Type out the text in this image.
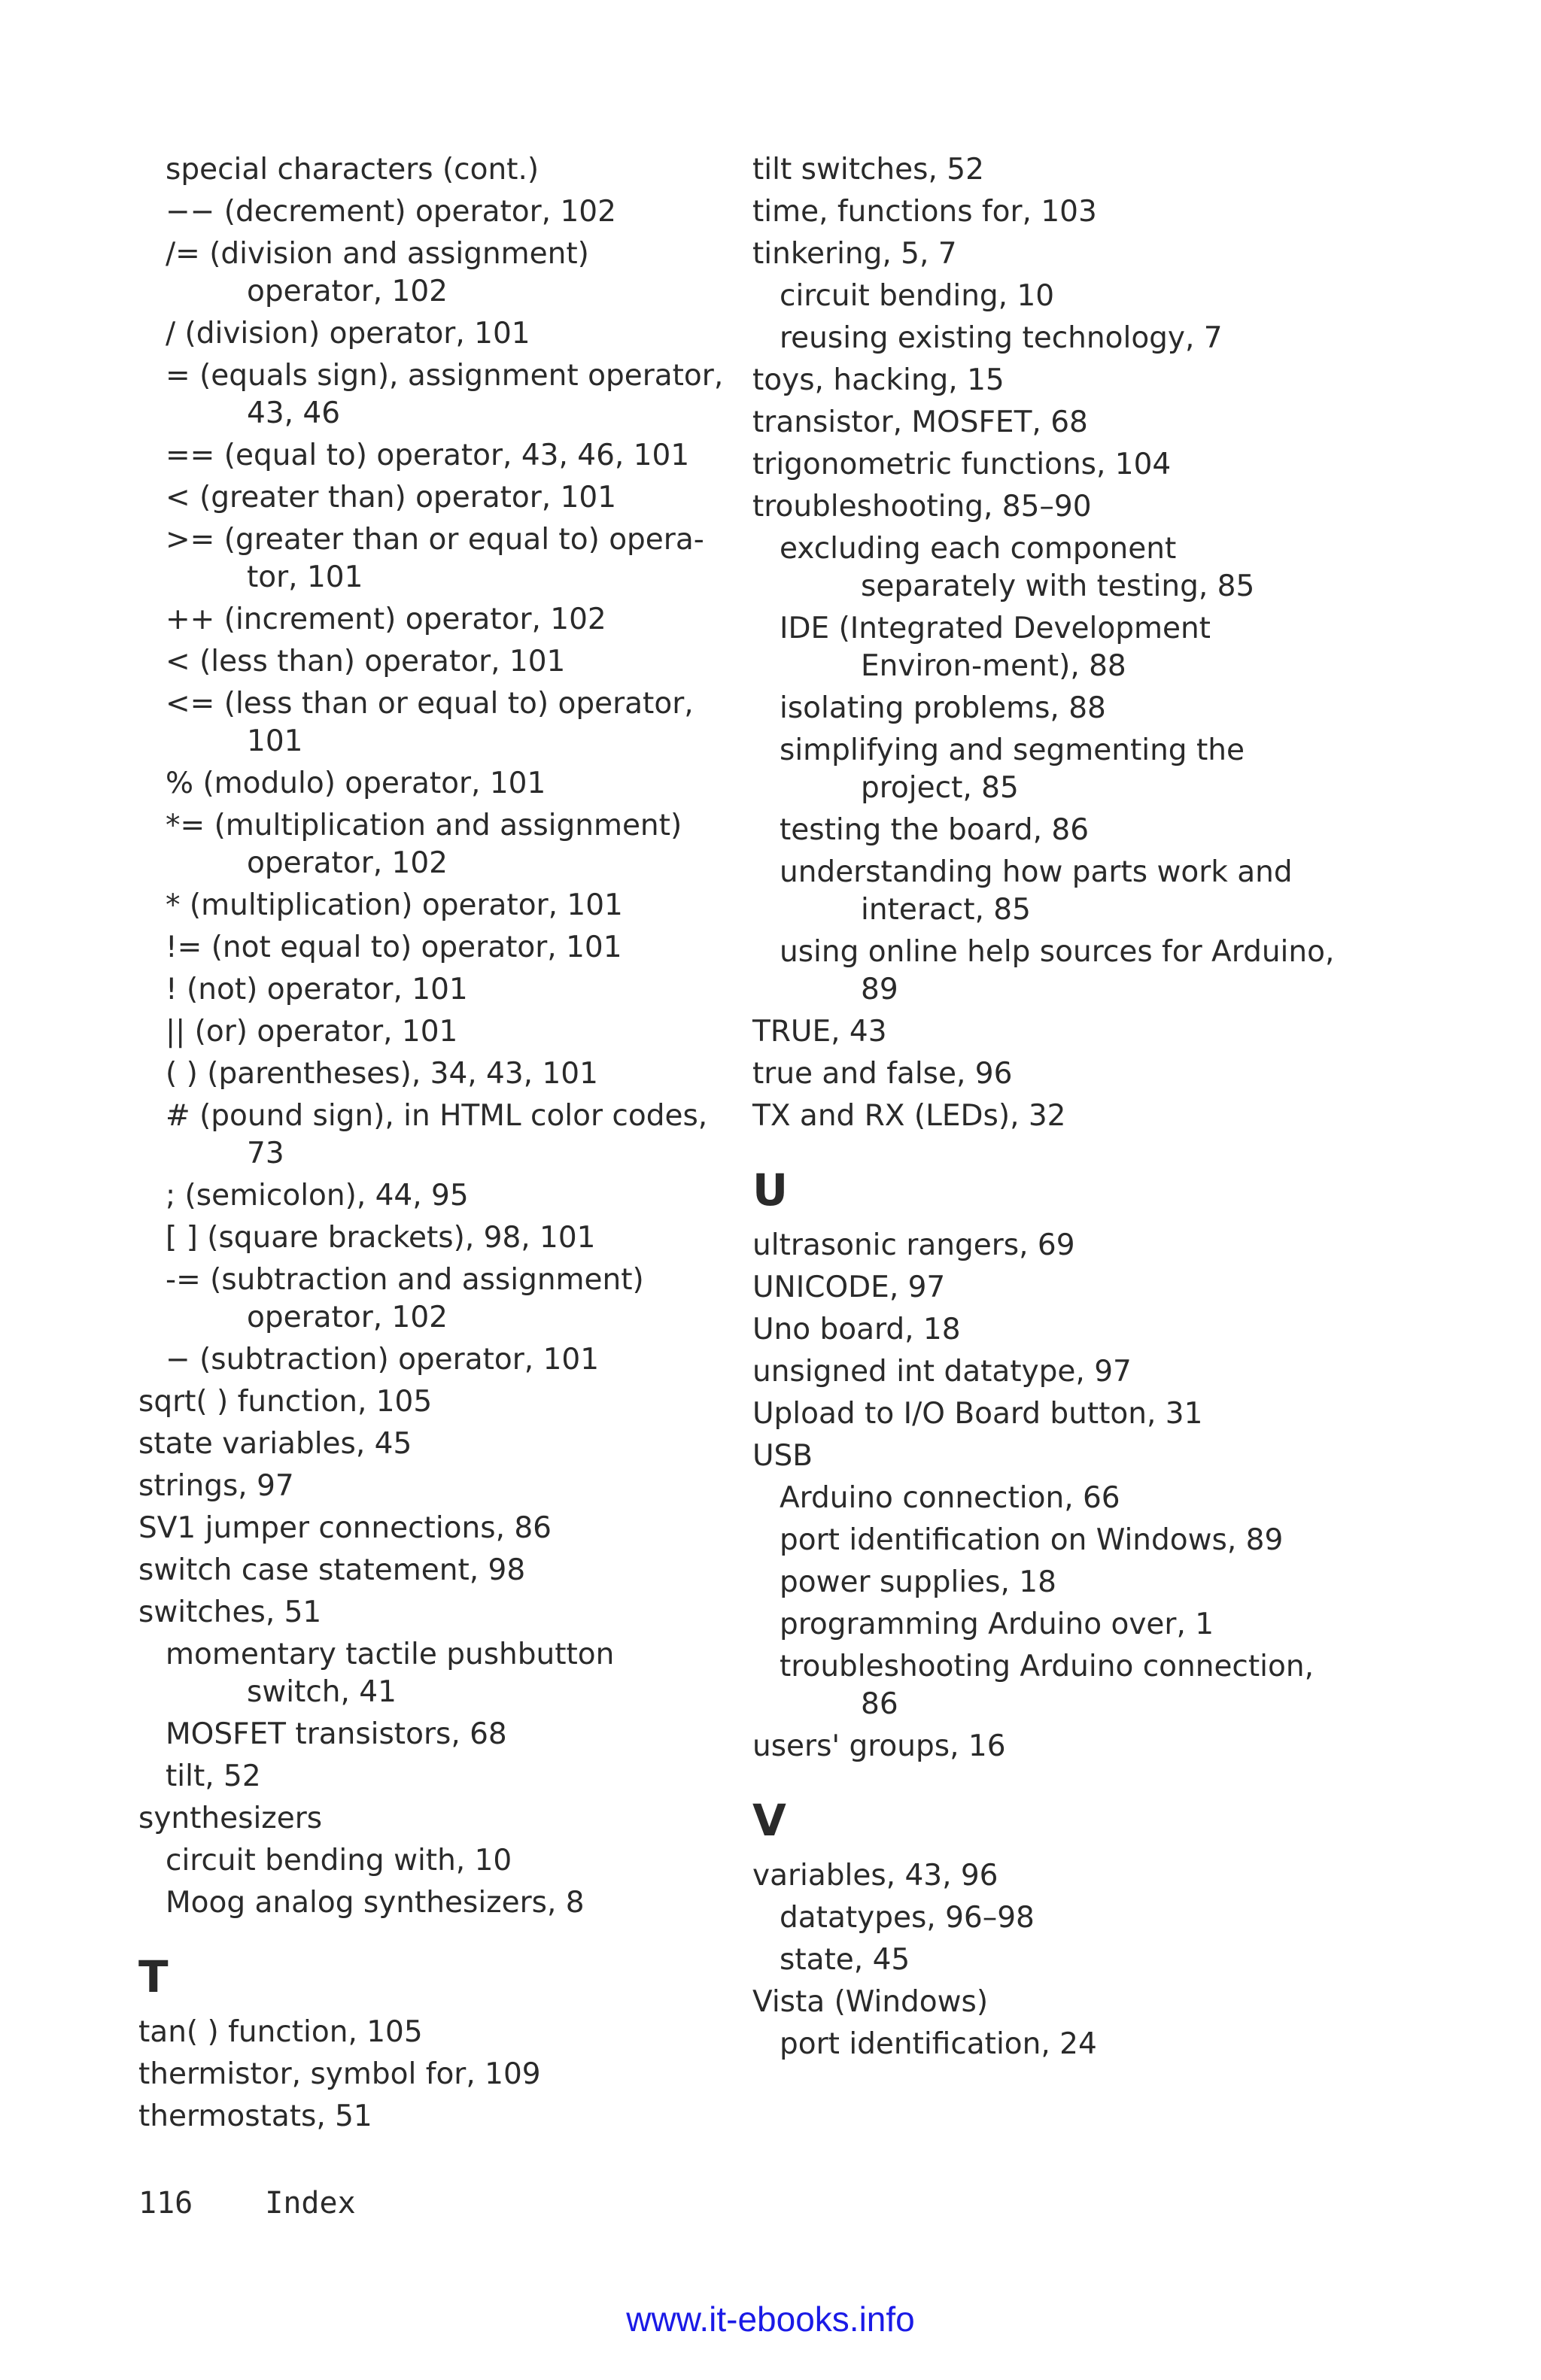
special characters (cont.)
−− (decrement) operator, 102
/= (division and assignment) operator, 102
/ (division) operator, 101
= (equals sign), assignment operator, 43, 46
== (equal to) operator, 43, 46, 101
< (greater than) operator, 101
>= (greater than or equal to) opera-tor, 101
++ (increment) operator, 102
< (less than) operator, 101
<= (less than or equal to) operator, 101
% (modulo) operator, 101
*= (multiplication and assignment) operator, 102
* (multiplication) operator, 101
!= (not equal to) operator, 101
! (not) operator, 101
|| (or) operator, 101
( ) (parentheses), 34, 43, 101
# (pound sign), in HTML color codes, 73
; (semicolon), 44, 95
[ ] (square brackets), 98, 101
-= (subtraction and assignment) operator, 102
− (subtraction) operator, 101
sqrt( ) function, 105
state variables, 45
strings, 97
SV1 jumper connections, 86
switch case statement, 98
switches, 51
momentary tactile pushbutton switch, 41
MOSFET transistors, 68
tilt, 52
synthesizers
circuit bending with, 10
Moog analog synthesizers, 8
T
tan( ) function, 105
thermistor, symbol for, 109
thermostats, 51
tilt switches, 52
time, functions for, 103
tinkering, 5, 7
circuit bending, 10
reusing existing technology, 7
toys, hacking, 15
transistor, MOSFET, 68
trigonometric functions, 104
troubleshooting, 85–90
excluding each component separately with testing, 85
IDE (Integrated Development Environ-ment), 88
isolating problems, 88
simplifying and segmenting the project, 85
testing the board, 86
understanding how parts work and interact, 85
using online help sources for Arduino, 89
TRUE, 43
true and false, 96
TX and RX (LEDs), 32
U
ultrasonic rangers, 69
UNICODE, 97
Uno board, 18
unsigned int datatype, 97
Upload to I/O Board button, 31
USB
Arduino connection, 66
port identification on Windows, 89
power supplies, 18
programming Arduino over, 1
troubleshooting Arduino connection, 86
users' groups, 16
V
variables, 43, 96
datatypes, 96–98
state, 45
Vista (Windows)
port identification, 24
116 Index
www.it-ebooks.info
